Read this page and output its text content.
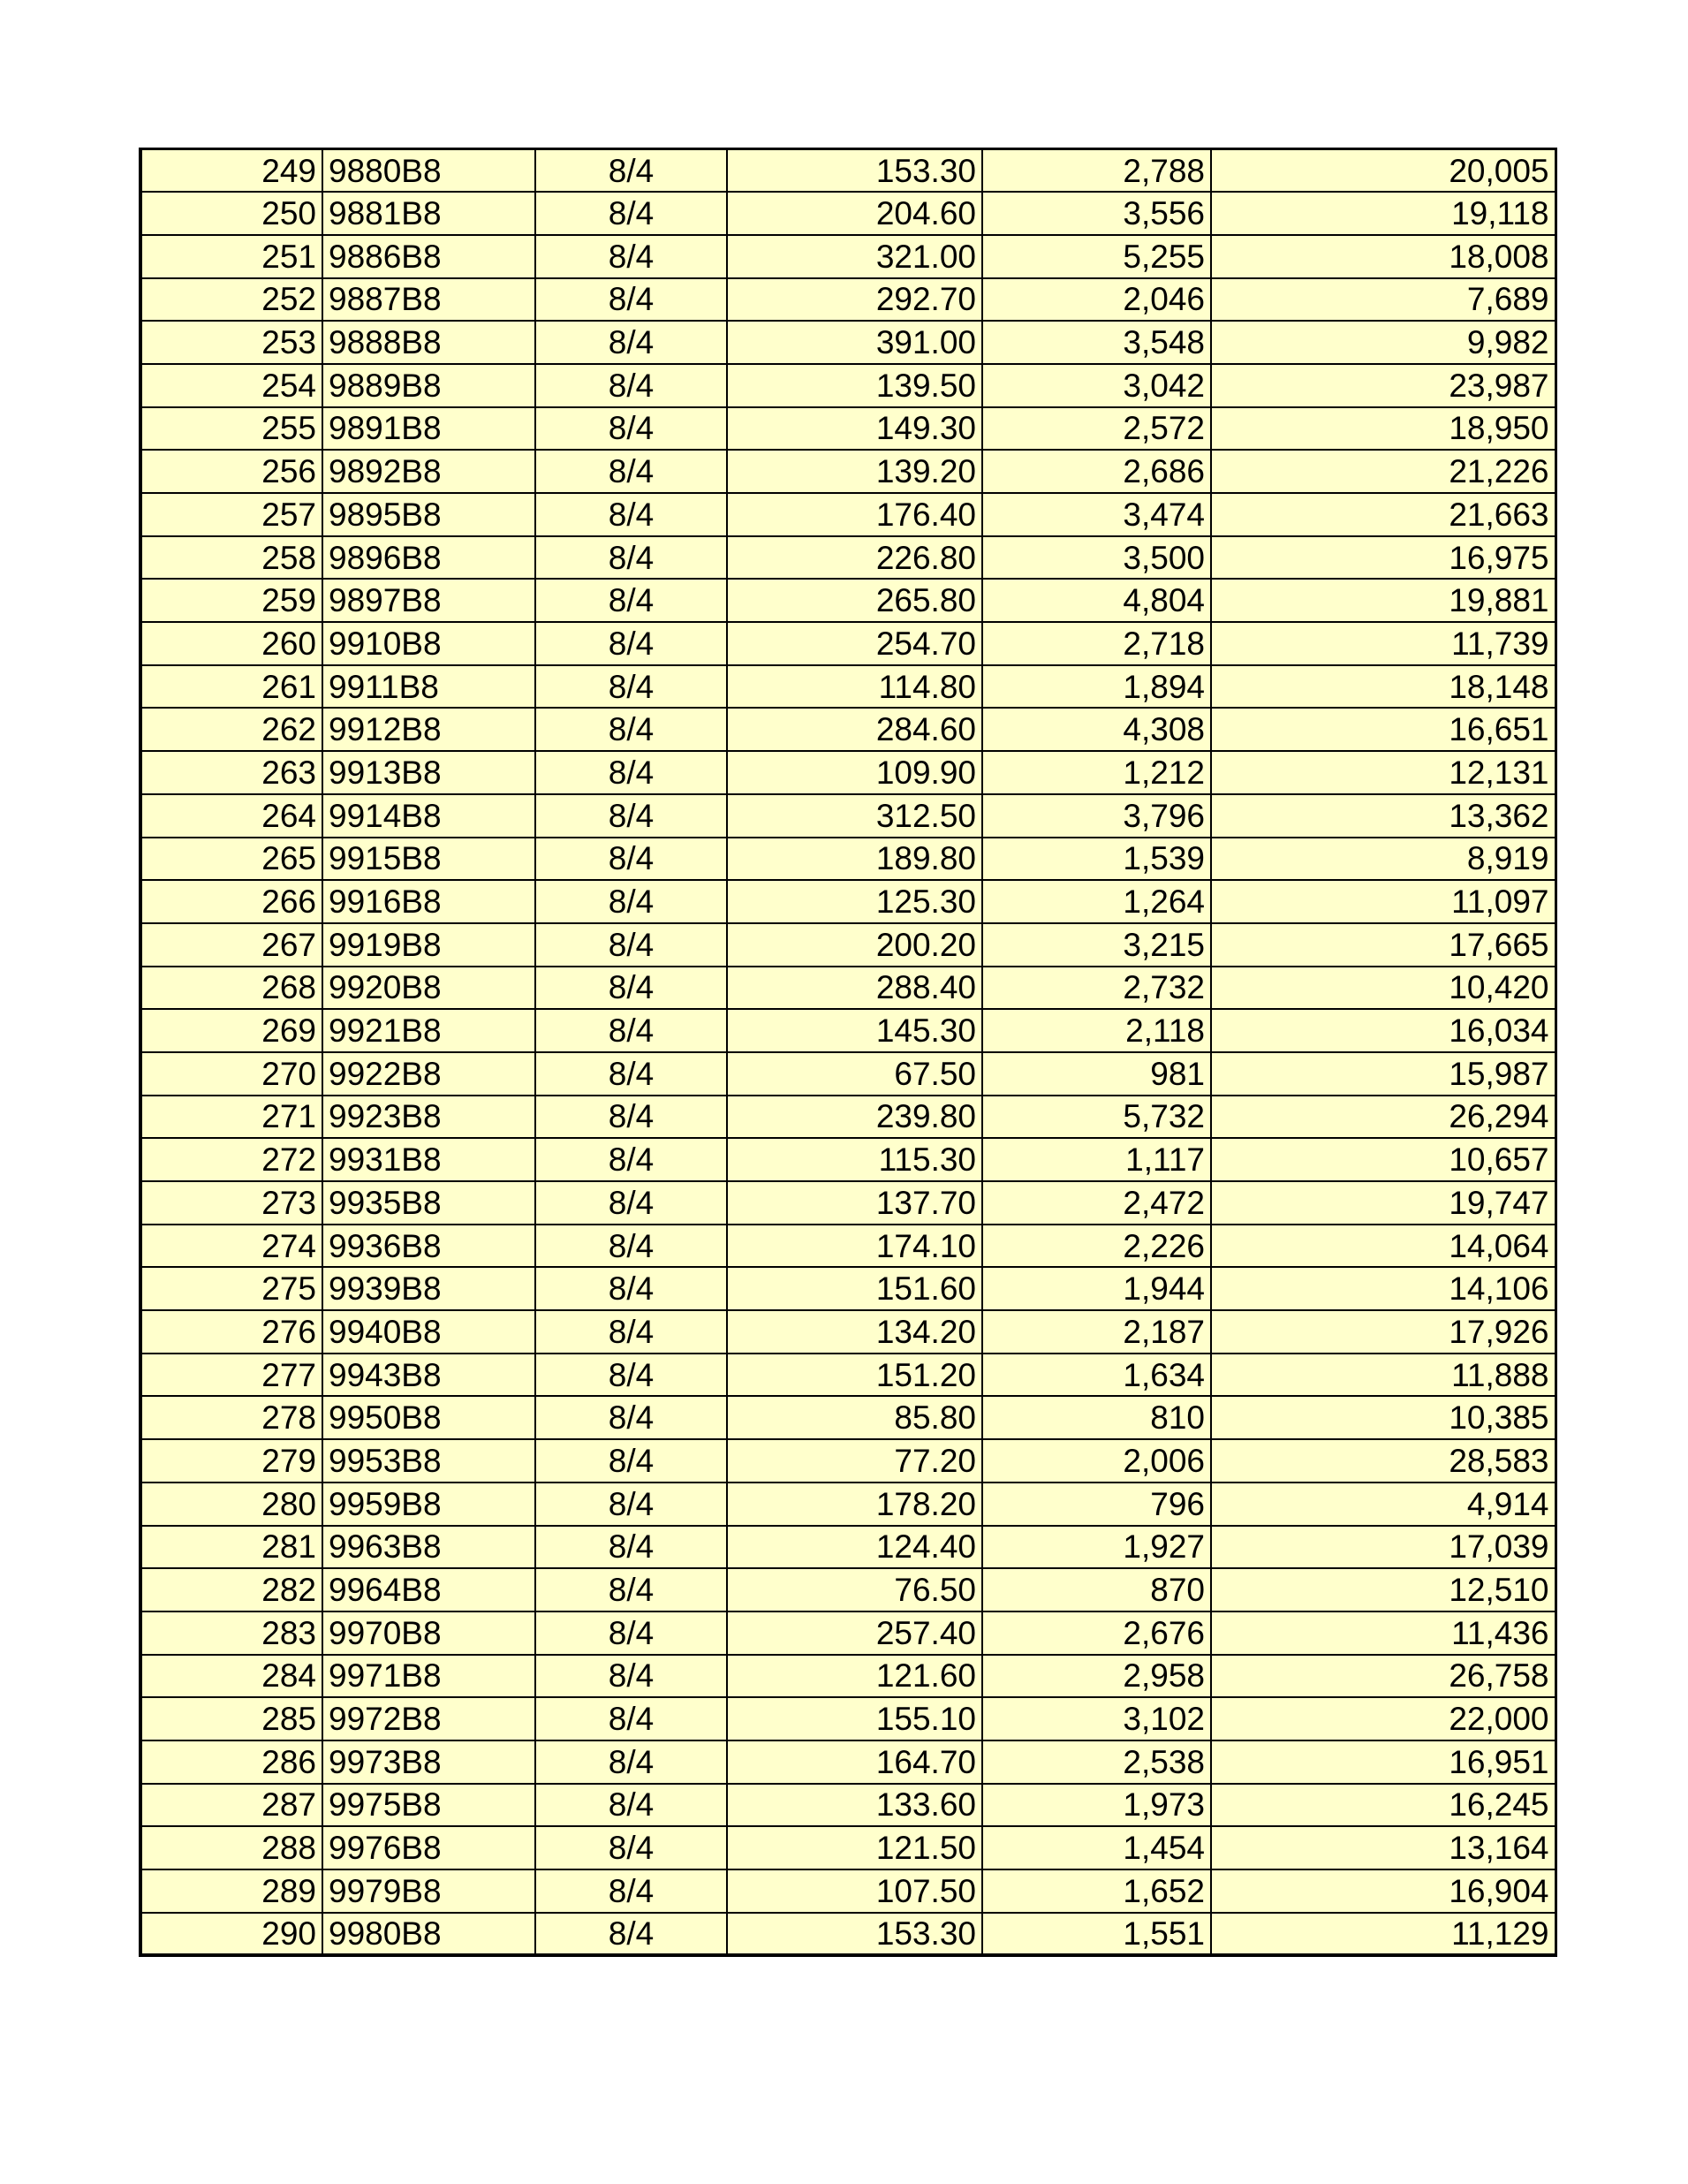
249	9880B8	8/4	153.30	2,788	20,005
250	9881B8	8/4	204.60	3,556	19,118
251	9886B8	8/4	321.00	5,255	18,008
252	9887B8	8/4	292.70	2,046	7,689
253	9888B8	8/4	391.00	3,548	9,982
254	9889B8	8/4	139.50	3,042	23,987
255	9891B8	8/4	149.30	2,572	18,950
256	9892B8	8/4	139.20	2,686	21,226
257	9895B8	8/4	176.40	3,474	21,663
258	9896B8	8/4	226.80	3,500	16,975
259	9897B8	8/4	265.80	4,804	19,881
260	9910B8	8/4	254.70	2,718	11,739
261	9911B8	8/4	114.80	1,894	18,148
262	9912B8	8/4	284.60	4,308	16,651
263	9913B8	8/4	109.90	1,212	12,131
264	9914B8	8/4	312.50	3,796	13,362
265	9915B8	8/4	189.80	1,539	8,919
266	9916B8	8/4	125.30	1,264	11,097
267	9919B8	8/4	200.20	3,215	17,665
268	9920B8	8/4	288.40	2,732	10,420
269	9921B8	8/4	145.30	2,118	16,034
270	9922B8	8/4	67.50	981	15,987
271	9923B8	8/4	239.80	5,732	26,294
272	9931B8	8/4	115.30	1,117	10,657
273	9935B8	8/4	137.70	2,472	19,747
274	9936B8	8/4	174.10	2,226	14,064
275	9939B8	8/4	151.60	1,944	14,106
276	9940B8	8/4	134.20	2,187	17,926
277	9943B8	8/4	151.20	1,634	11,888
278	9950B8	8/4	85.80	810	10,385
279	9953B8	8/4	77.20	2,006	28,583
280	9959B8	8/4	178.20	796	4,914
281	9963B8	8/4	124.40	1,927	17,039
282	9964B8	8/4	76.50	870	12,510
283	9970B8	8/4	257.40	2,676	11,436
284	9971B8	8/4	121.60	2,958	26,758
285	9972B8	8/4	155.10	3,102	22,000
286	9973B8	8/4	164.70	2,538	16,951
287	9975B8	8/4	133.60	1,973	16,245
288	9976B8	8/4	121.50	1,454	13,164
289	9979B8	8/4	107.50	1,652	16,904
290	9980B8	8/4	153.30	1,551	11,129
